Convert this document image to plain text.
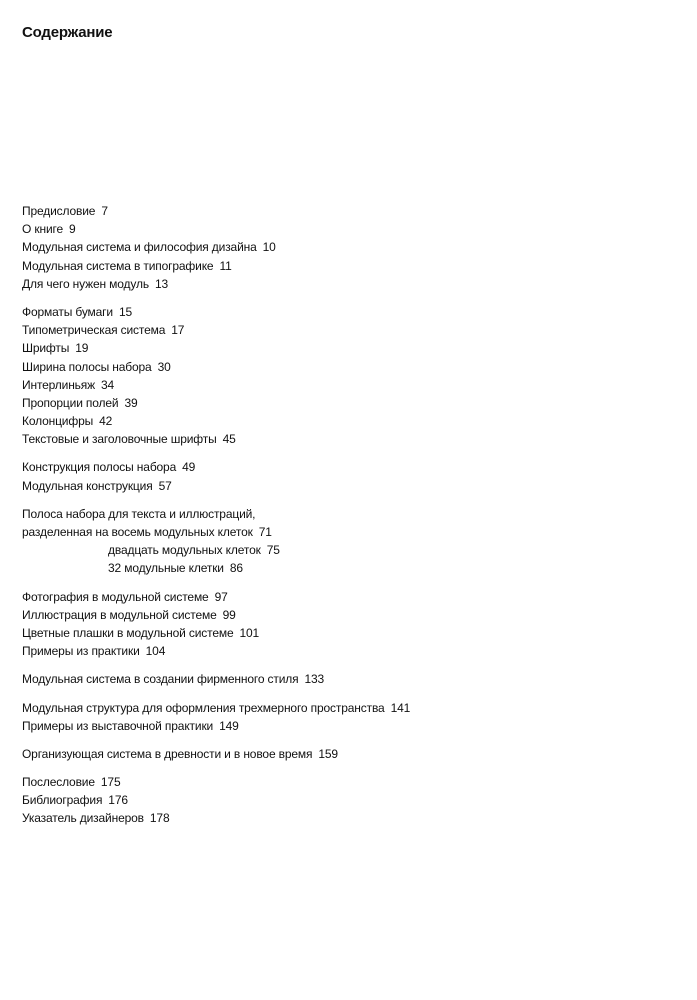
Содержание
Предисловие 7
О книге 9
Модульная система и философия дизайна 10
Модульная система в типографике 11
Для чего нужен модуль 13
Форматы бумаги 15
Типометрическая система 17
Шрифты 19
Ширина полосы набора 30
Интерлиньяж 34
Пропорции полей 39
Колонцифры 42
Текстовые и заголовочные шрифты 45
Конструкция полосы набора 49
Модульная конструкция 57
Полоса набора для текста и иллюстраций,
разделенная на восемь модульных клеток 71
двадцать модульных клеток 75
32 модульные клетки 86
Фотография в модульной системе 97
Иллюстрация в модульной системе 99
Цветные плашки в модульной системе 101
Примеры из практики 104
Модульная система в создании фирменного стиля 133
Модульная структура для оформления трехмерного пространства 141
Примеры из выставочной практики 149
Организующая система в древности и в новое время 159
Послесловие 175
Библиография 176
Указатель дизайнеров 178
